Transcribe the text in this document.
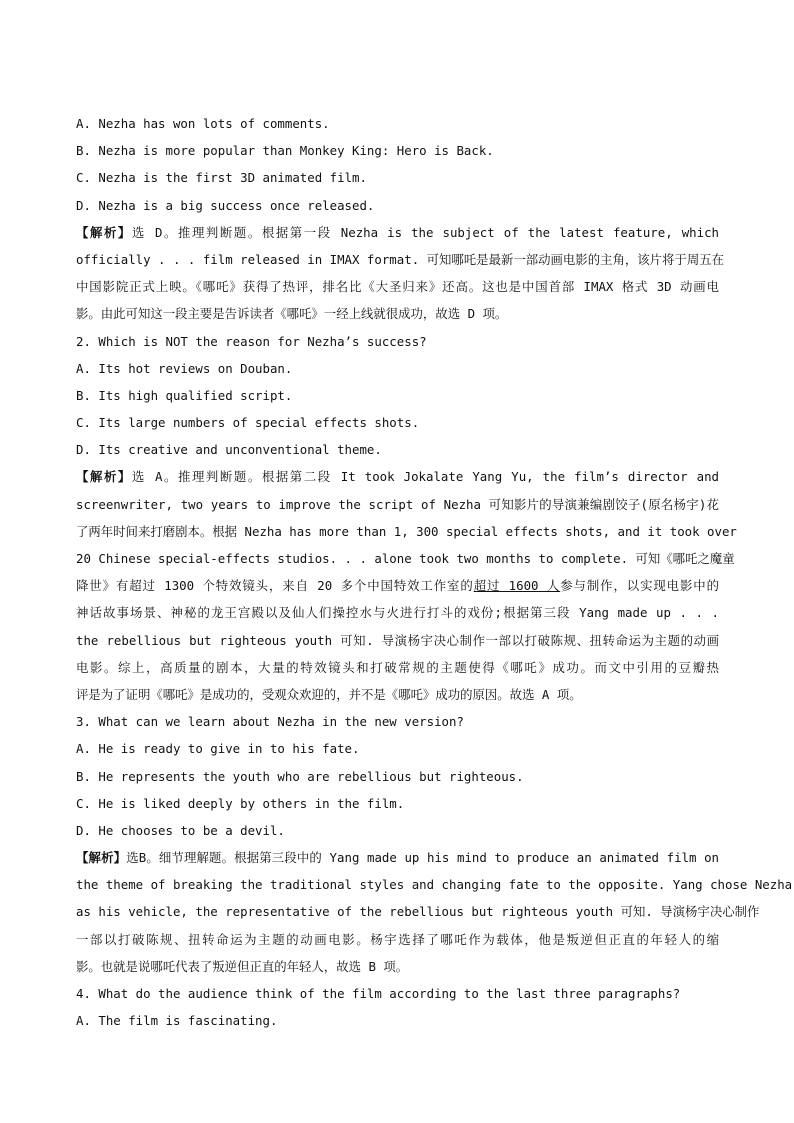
A. Nezha has won lots of comments.
B. Nezha is more popular than Monkey King: Hero is Back.
C. Nezha is the first 3D animated film.
D. Nezha is a big success once released.
【解析】选 D。推理判断题。根据第一段 Nezha is the subject of the latest feature, which
officially . . . film released in IMAX format. 可知哪吒是最新一部动画电影的主角，该片将于周五在
中国影院正式上映。《哪吒》获得了热评，排名比《大圣归来》还高。这也是中国首部 IMAX 格式 3D 动画电
影。由此可知这一段主要是告诉读者《哪吒》一经上线就很成功，故选 D 项。
2. Which is NOT the reason for Nezha’s success?
A. Its hot reviews on Douban.
B. Its high qualified script.
C. Its large numbers of special effects shots.
D. Its creative and unconventional theme.
【解析】选 A。推理判断题。根据第二段 It took Jokalate Yang Yu, the film’s director and
screenwriter, two years to improve the script of Nezha 可知影片的导演兼编剧饺子(原名杨宇)花
了两年时间来打磨剧本。根据 Nezha has more than 1, 300 special effects shots, and it took over
20 Chinese special-effects studios. . . alone took two months to complete. 可知《哪吒之魔童
降世》有超过 1300 个特效镜头，来自 20 多个中国特效工作室的超过 1600 人参与制作，以实现电影中的
神话故事场景、神秘的龙王宫殿以及仙人们操控水与火进行打斗的戏份;根据第三段 Yang made up . . .
the rebellious but righteous youth 可知. 导演杨宇决心制作一部以打破陈规、扭转命运为主题的动画
电影。综上，高质量的剧本，大量的特效镜头和打破常规的主题使得《哪吒》成功。而文中引用的豆瓣热
评是为了证明《哪吒》是成功的，受观众欢迎的，并不是《哪吒》成功的原因。故选 A 项。
3. What can we learn about Nezha in the new version?
A. He is ready to give in to his fate.
B. He represents the youth who are rebellious but righteous.
C. He is liked deeply by others in the film.
D. He chooses to be a devil.
【解析】选B。细节理解题。根据第三段中的 Yang made up his mind to produce an animated film on
the theme of breaking the traditional styles and changing fate to the opposite. Yang chose Nezha
as his vehicle, the representative of the rebellious but righteous youth 可知. 导演杨宇决心制作
一部以打破陈规、扭转命运为主题的动画电影。杨宇选择了哪吒作为载体，他是叛逆但正直的年轻人的缩
影。也就是说哪吒代表了叛逆但正直的年轻人，故选 B 项。
4. What do the audience think of the film according to the last three paragraphs?
A. The film is fascinating.
